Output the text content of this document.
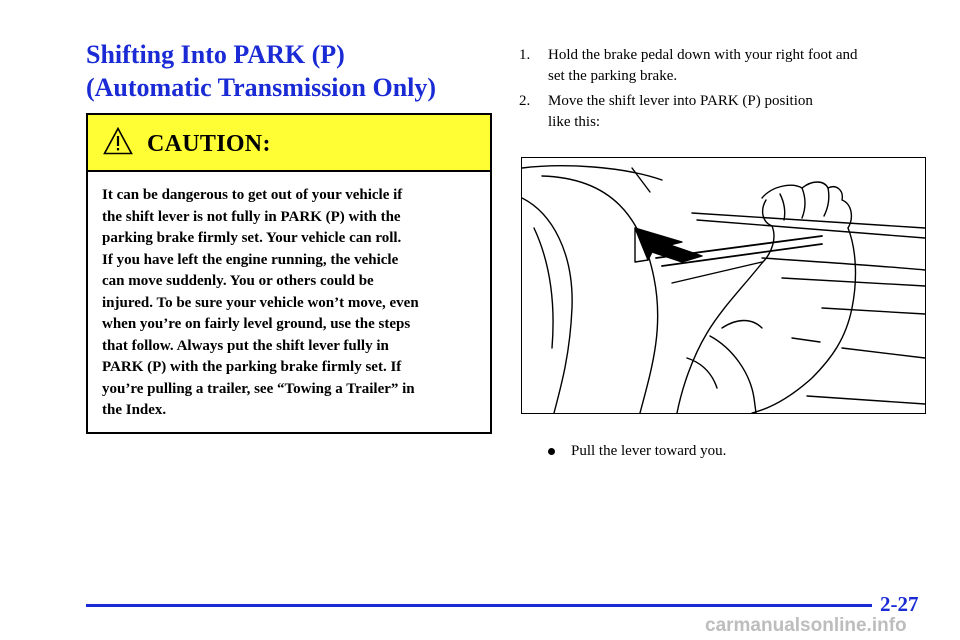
Shifting Into PARK (P)
(Automatic Transmission Only)
CAUTION:
It can be dangerous to get out of your vehicle if
the shift lever is not fully in PARK (P) with the
parking brake firmly set. Your vehicle can roll.
If you have left the engine running, the vehicle
can move suddenly. You or others could be
injured. To be sure your vehicle won’t move, even
when you’re on fairly level ground, use the steps
that follow. Always put the shift lever fully in
PARK (P) with the parking brake firmly set. If
you’re pulling a trailer, see “Towing a Trailer” in
the Index.
1. Hold the brake pedal down with your right foot and
set the parking brake.
2. Move the shift lever into PARK (P) position
like this:
Pull the lever toward you.
2-27
carmanualsonline.info
